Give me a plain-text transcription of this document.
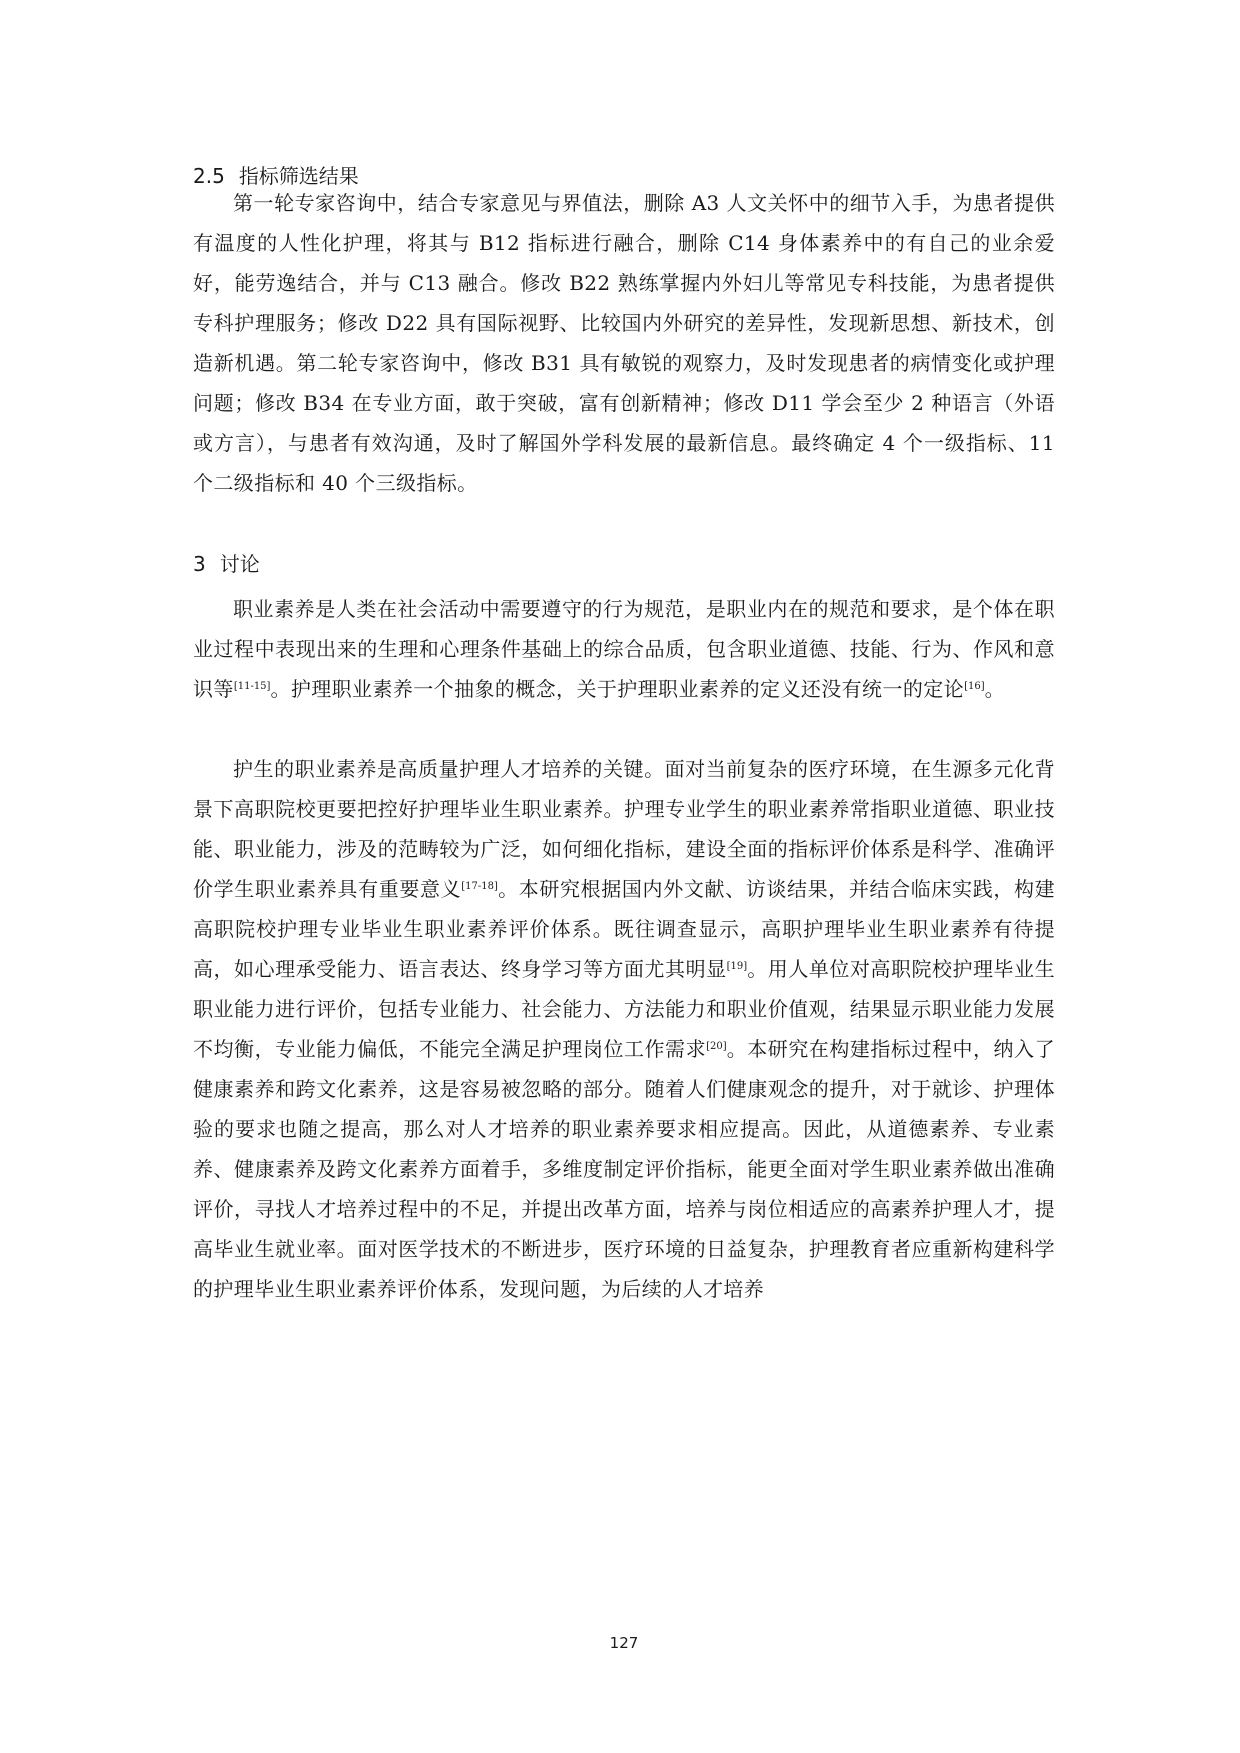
2.5 指标筛选结果

第一轮专家咨询中，结合专家意见与界值法，删除 A3 人文关怀中的细节入手，为患者提供有温度的人性化护理，将其与 B12 指标进行融合，删除 C14 身体素养中的有自己的业余爱好，能劳逸结合，并与 C13 融合。修改 B22 熟练掌握内外妇儿等常见专科技能，为患者提供专科护理服务；修改 D22 具有国际视野、比较国内外研究的差异性，发现新思想、新技术，创造新机遇。第二轮专家咨询中，修改 B31 具有敏锐的观察力，及时发现患者的病情变化或护理问题；修改 B34 在专业方面，敢于突破，富有创新精神；修改 D11 学会至少 2 种语言（外语或方言），与患者有效沟通，及时了解国外学科发展的最新信息。最终确定 4 个一级指标、11 个二级指标和 40 个三级指标。

3 讨论

职业素养是人类在社会活动中需要遵守的行为规范，是职业内在的规范和要求，是个体在职业过程中表现出来的生理和心理条件基础上的综合品质，包含职业道德、技能、行为、作风和意识等[11-15]。护理职业素养一个抽象的概念，关于护理职业素养的定义还没有统一的定论[16]。

护生的职业素养是高质量护理人才培养的关键。面对当前复杂的医疗环境，在生源多元化背景下高职院校更要把控好护理毕业生职业素养。护理专业学生的职业素养常指职业道德、职业技能、职业能力，涉及的范畴较为广泛，如何细化指标，建设全面的指标评价体系是科学、准确评价学生职业素养具有重要意义[17-18]。本研究根据国内外文献、访谈结果，并结合临床实践，构建高职院校护理专业毕业生职业素养评价体系。既往调查显示，高职护理毕业生职业素养有待提高，如心理承受能力、语言表达、终身学习等方面尤其明显[19]。用人单位对高职院校护理毕业生职业能力进行评价，包括专业能力、社会能力、方法能力和职业价值观，结果显示职业能力发展不均衡，专业能力偏低，不能完全满足护理岗位工作需求[20]。本研究在构建指标过程中，纳入了健康素养和跨文化素养，这是容易被忽略的部分。随着人们健康观念的提升，对于就诊、护理体验的要求也随之提高，那么对人才培养的职业素养要求相应提高。因此，从道德素养、专业素养、健康素养及跨文化素养方面着手，多维度制定评价指标，能更全面对学生职业素养做出准确评价，寻找人才培养过程中的不足，并提出改革方面，培养与岗位相适应的高素养护理人才，提高毕业生就业率。面对医学技术的不断进步，医疗环境的日益复杂，护理教育者应重新构建科学的护理毕业生职业素养评价体系，发现问题，为后续的人才培养

127
